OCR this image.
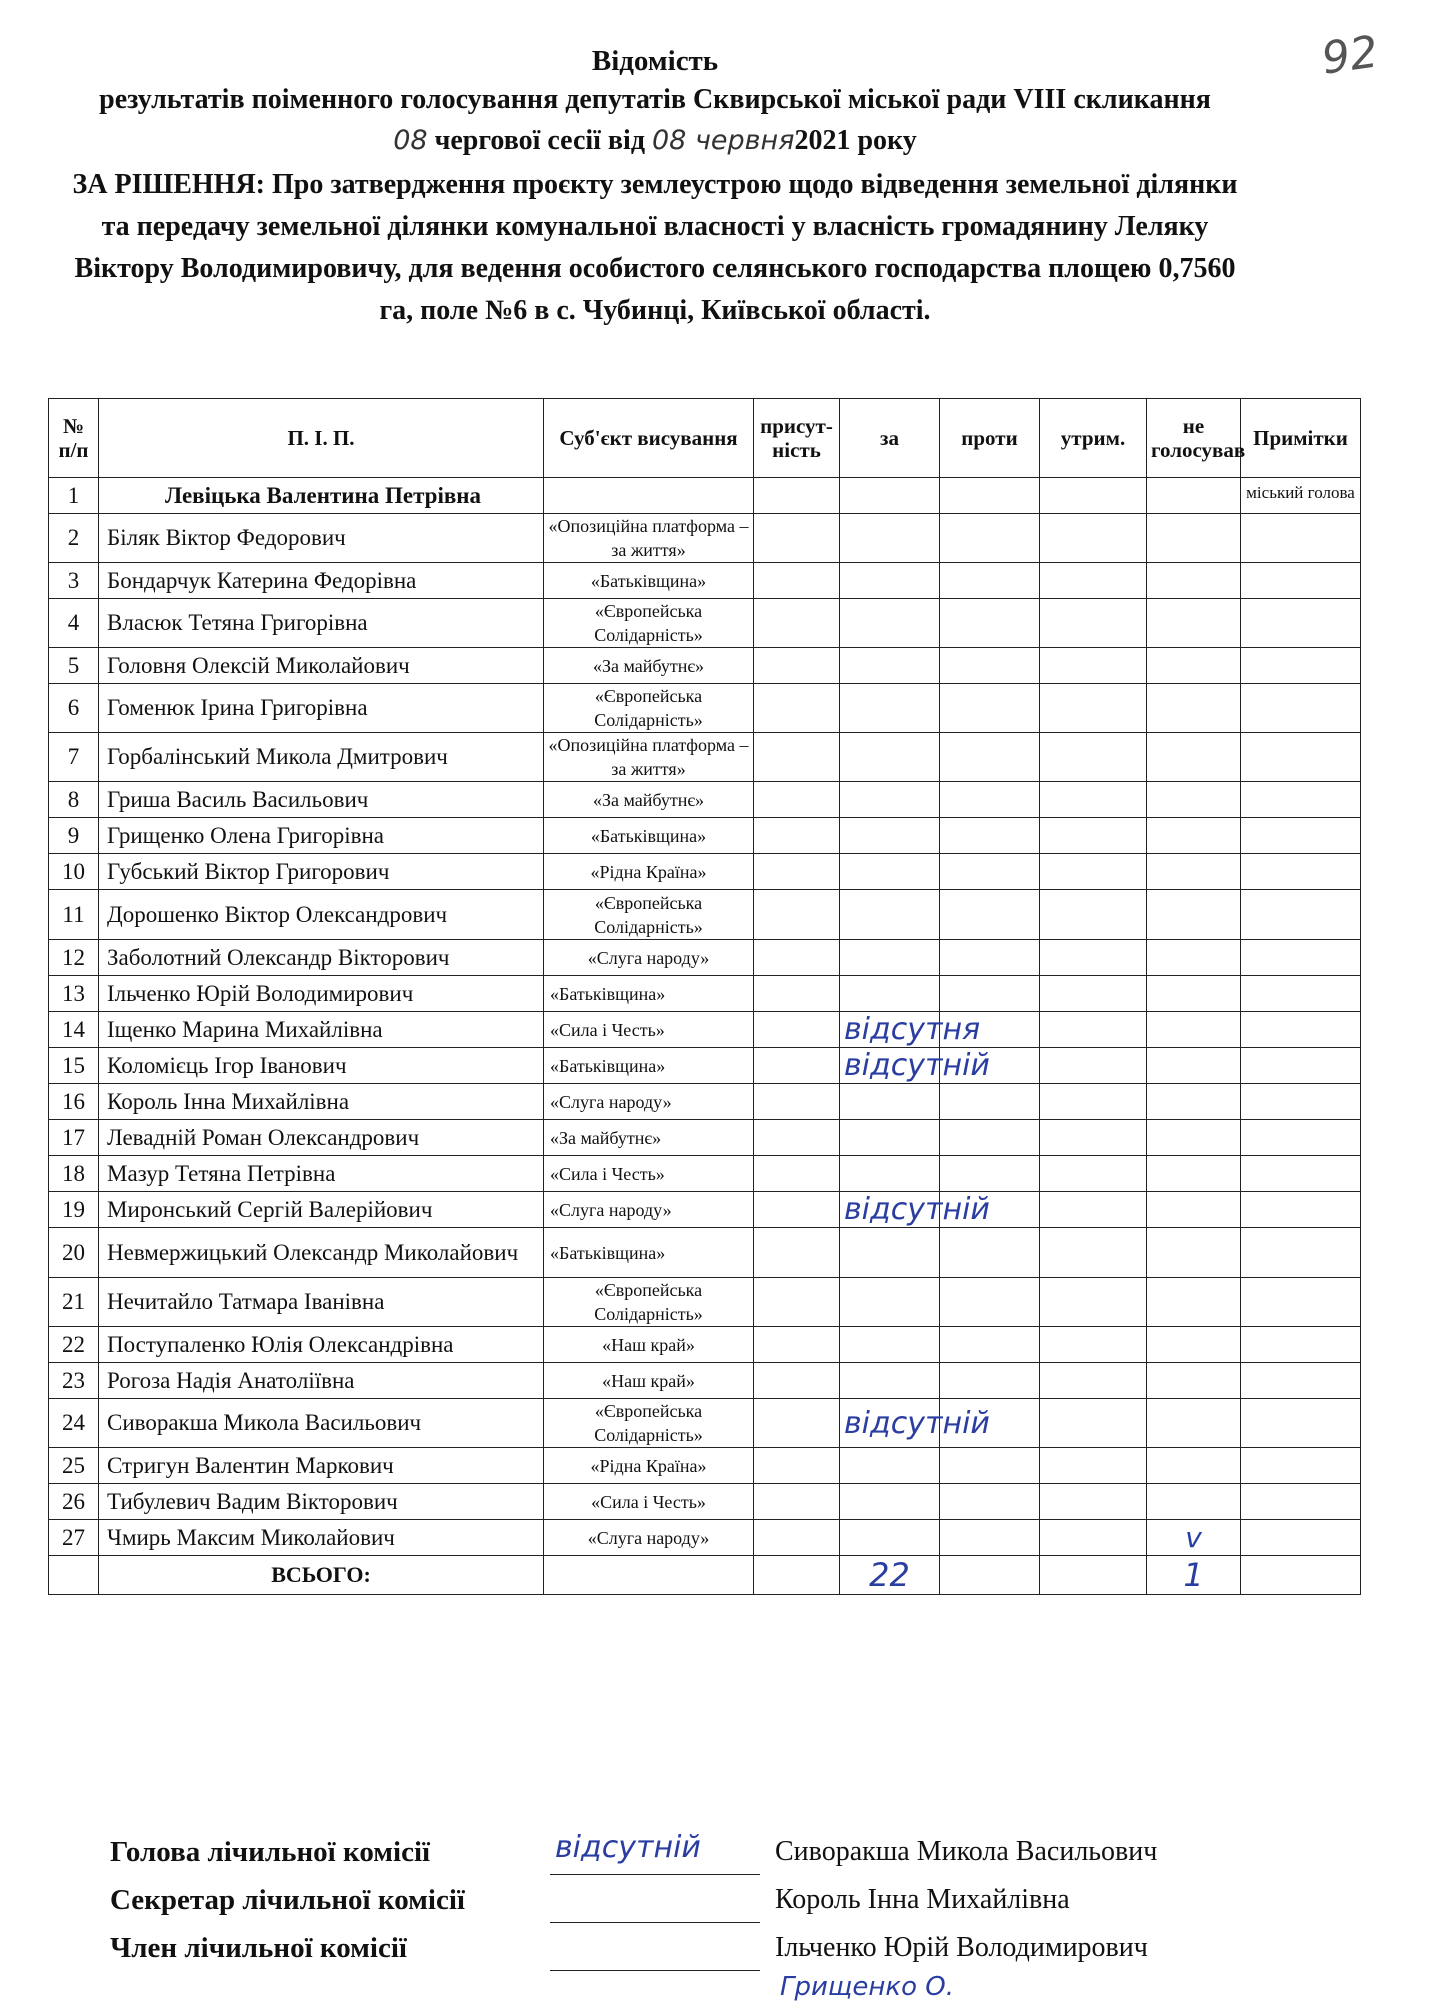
92
Відомість
результатів поіменного голосування депутатів Сквирської міської ради VIII скликання
08 чергової сесії від 08 червня2021 року
ЗА РІШЕННЯ: Про затвердження проєкту землеустрою щодо відведення земельної ділянки та передачу земельної ділянки комунальної власності у власність громадянину Леляку Віктору Володимировичу, для ведення особистого селянського господарства площею 0,7560 га, поле №6 в с. Чубинці, Київської області.
№ п/п	П. І. П.	Суб'єкт висування	присут-ність	за	проти	утрим.	не голосував	Примітки
1	Левіцька Валентина Петрівна							міський голова
2	Біляк Віктор Федорович	«Опозиційна платформа – за життя»						
3	Бондарчук Катерина Федорівна	«Батьківщина»						
4	Власюк Тетяна Григорівна	«Європейська Солідарність»						
5	Головня Олексій Миколайович	«За майбутнє»						
6	Гоменюк Ірина Григорівна	«Європейська Солідарність»						
7	Горбалінський Микола Дмитрович	«Опозиційна платформа – за життя»						
8	Гриша Василь Васильович	«За майбутнє»						
9	Грищенко Олена Григорівна	«Батьківщина»						
10	Губський Віктор Григорович	«Рідна Країна»						
11	Дорошенко Віктор Олександрович	«Європейська Солідарність»						
12	Заболотний Олександр Вікторович	«Слуга народу»						
13	Ільченко Юрій Володимирович	«Батьківщина»						
14	Іщенко Марина Михайлівна	«Сила і Честь»		відсутня				
15	Коломієць Ігор Іванович	«Батьківщина»		відсутній				
16	Король Інна Михайлівна	«Слуга народу»						
17	Левадній Роман Олександрович	«За майбутнє»						
18	Мазур Тетяна Петрівна	«Сила і Честь»						
19	Миронський Сергій Валерійович	«Слуга народу»		відсутній				
20	Невмержицький Олександр Миколайович	«Батьківщина»						
21	Нечитайло Татмара Іванівна	«Європейська Солідарність»						
22	Поступаленко Юлія Олександрівна	«Наш край»						
23	Рогоза Надія Анатоліївна	«Наш край»						
24	Сиворакша Микола Васильович	«Європейська Солідарність»		відсутній				
25	Стригун Валентин Маркович	«Рідна Країна»						
26	Тибулевич Вадим Вікторович	«Сила і Честь»						
27	Чмирь Максим Миколайович	«Слуга народу»					v	
	ВСЬОГО:			22			1	
Голова лічильної комісії	відсутній	Сиворакша Микола Васильович
Секретар лічильної комісії	Король Інна Михайлівна
Член лічильної комісії	Ільченко Юрій Володимирович
Грищенко О.
